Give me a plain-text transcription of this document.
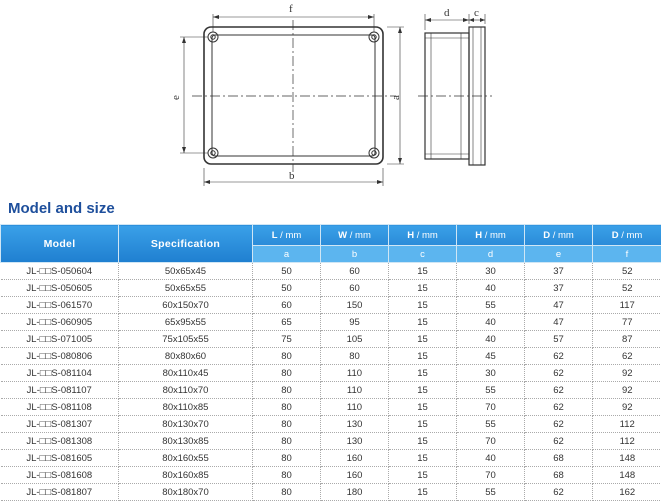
f
b
e	a
d c
Model and size
Model	Specification	L / mm	W / mm	H / mm	H / mm	D / mm	D / mm
		a	b	c	d	e	f
JL-□□S-050604	50x65x45	50	60	15	30	37	52
JL-□□S-050605	50x65x55	50	60	15	40	37	52
JL-□□S-061570	60x150x70	60	150	15	55	47	117
JL-□□S-060905	65x95x55	65	95	15	40	47	77
JL-□□S-071005	75x105x55	75	105	15	40	57	87
JL-□□S-080806	80x80x60	80	80	15	45	62	62
JL-□□S-081104	80x110x45	80	110	15	30	62	92
JL-□□S-081107	80x110x70	80	110	15	55	62	92
JL-□□S-081108	80x110x85	80	110	15	70	62	92
JL-□□S-081307	80x130x70	80	130	15	55	62	112
JL-□□S-081308	80x130x85	80	130	15	70	62	112
JL-□□S-081605	80x160x55	80	160	15	40	68	148
JL-□□S-081608	80x160x85	80	160	15	70	68	148
JL-□□S-081807	80x180x70	80	180	15	55	62	162
